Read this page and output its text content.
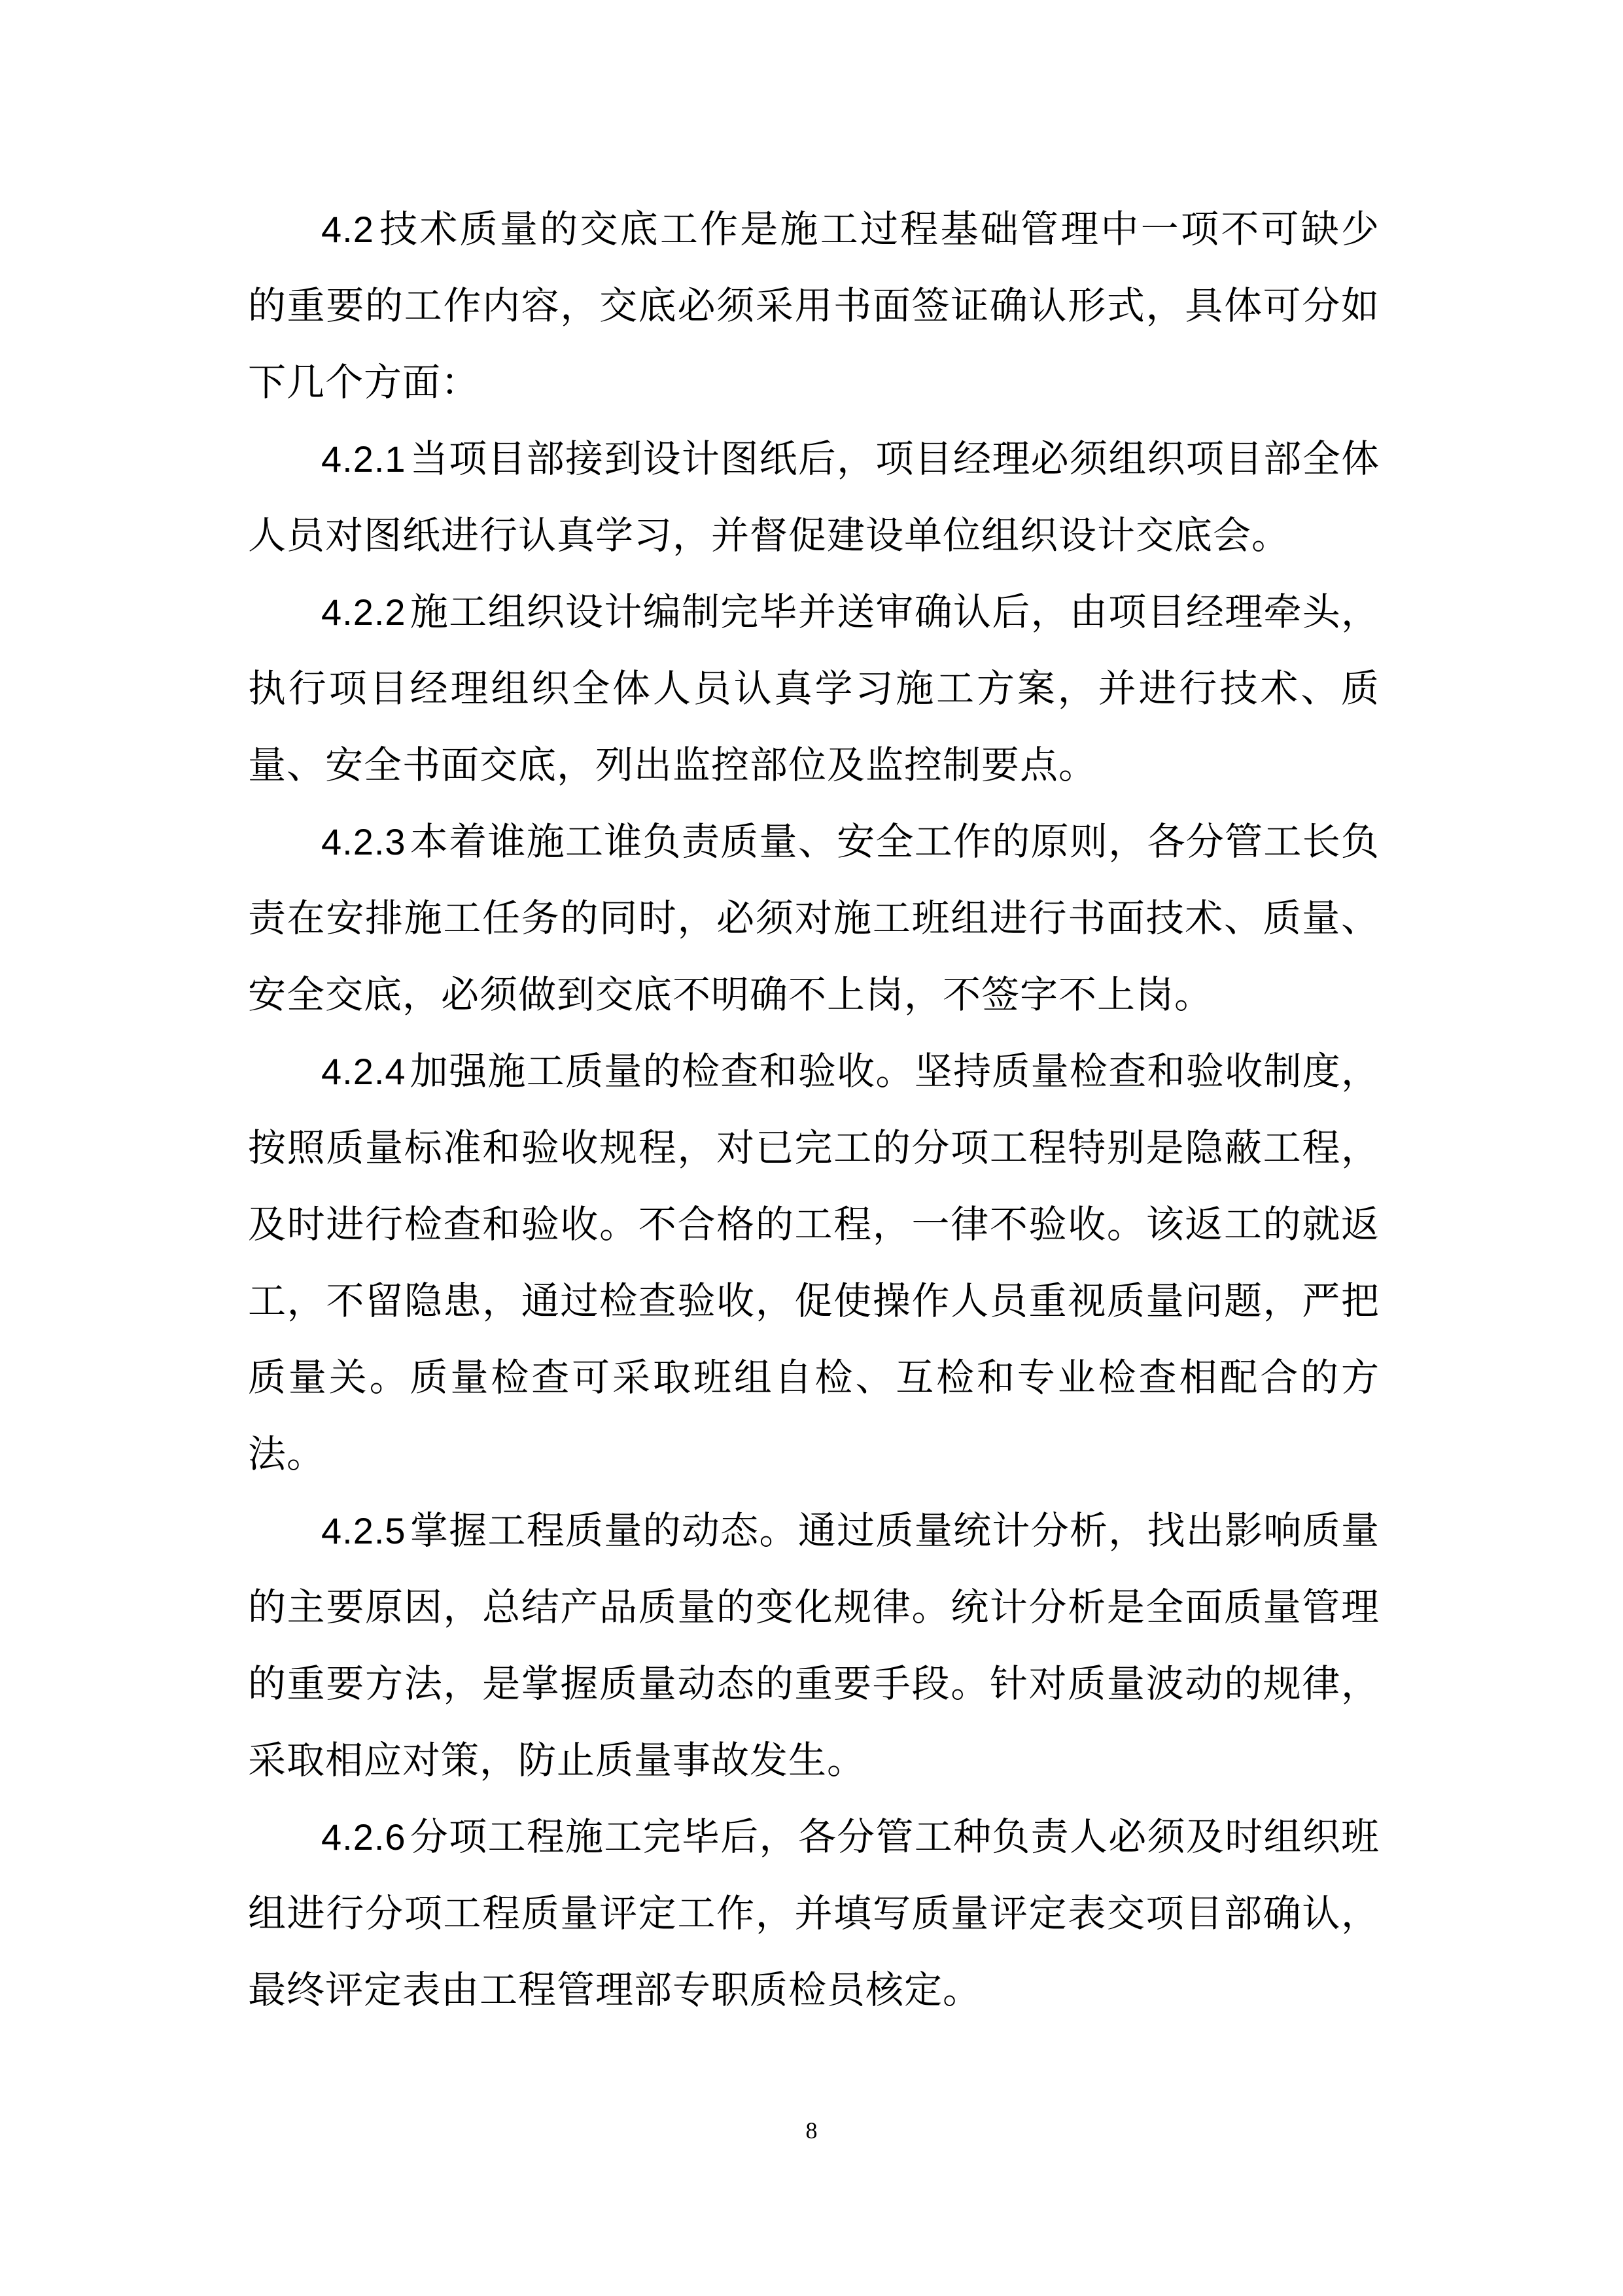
4.2 技术质量的交底工作是施工过程基础管理中一项不可缺少的重要的工作内容，交底必须采用书面签证确认形式，具体可分如下几个方面：

4.2.1 当项目部接到设计图纸后，项目经理必须组织项目部全体人员对图纸进行认真学习，并督促建设单位组织设计交底会。

4.2.2 施工组织设计编制完毕并送审确认后，由项目经理牵头，执行项目经理组织全体人员认真学习施工方案，并进行技术、质量、安全书面交底，列出监控部位及监控制要点。

4.2.3 本着谁施工谁负责质量、安全工作的原则，各分管工长负责在安排施工任务的同时，必须对施工班组进行书面技术、质量、安全交底，必须做到交底不明确不上岗，不签字不上岗。

4.2.4 加强施工质量的检查和验收。坚持质量检查和验收制度，按照质量标准和验收规程，对已完工的分项工程特别是隐蔽工程，及时进行检查和验收。不合格的工程，一律不验收。该返工的就返工，不留隐患，通过检查验收，促使操作人员重视质量问题，严把质量关。质量检查可采取班组自检、互检和专业检查相配合的方法。

4.2.5 掌握工程质量的动态。通过质量统计分析，找出影响质量的主要原因，总结产品质量的变化规律。统计分析是全面质量管理的重要方法，是掌握质量动态的重要手段。针对质量波动的规律，采取相应对策，防止质量事故发生。

4.2.6 分项工程施工完毕后，各分管工种负责人必须及时组织班组进行分项工程质量评定工作，并填写质量评定表交项目部确认，最终评定表由工程管理部专职质检员核定。

8
